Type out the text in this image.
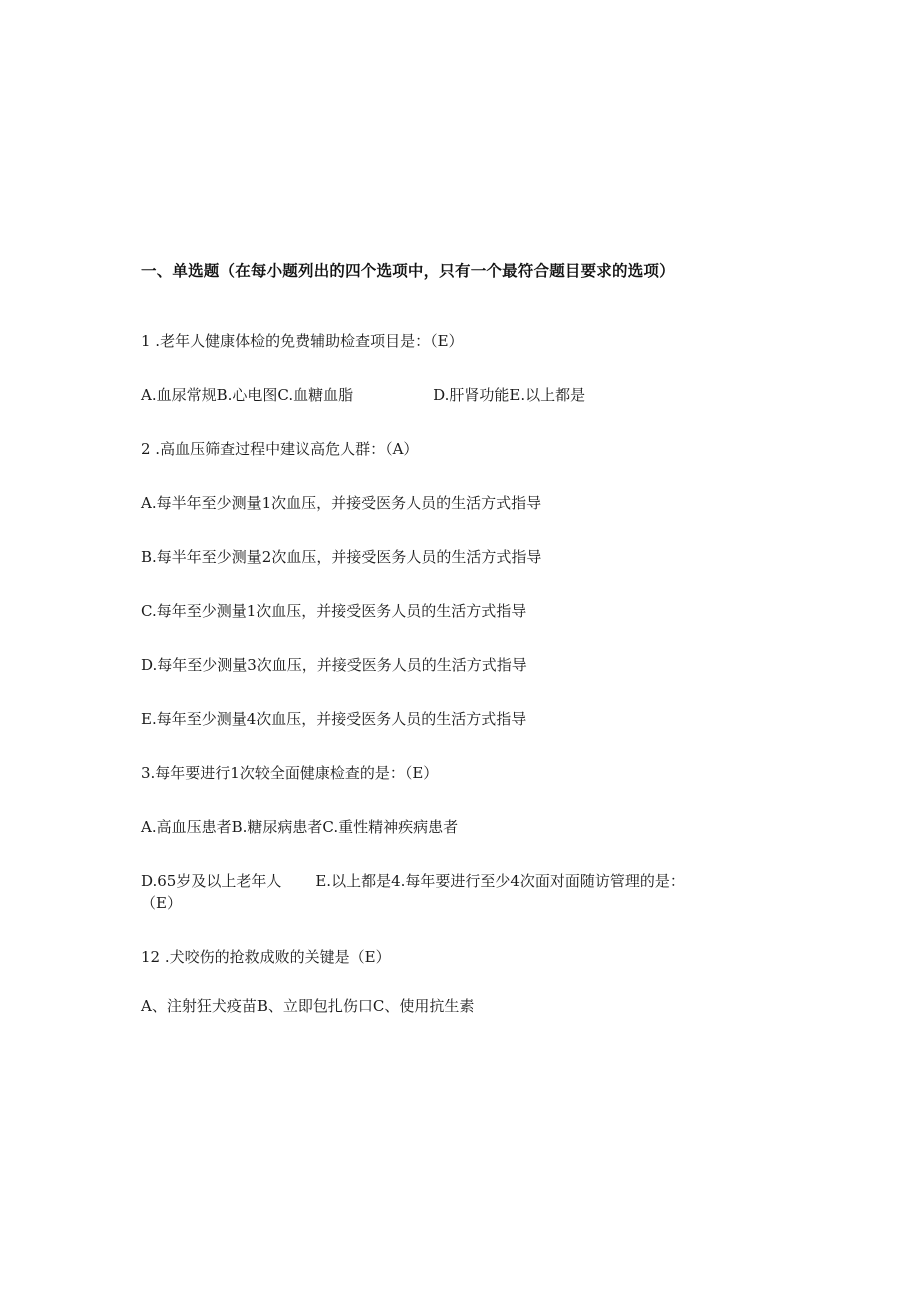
一、单选题（在每小题列出的四个选项中，只有一个最符合题目要求的选项）
1 .老年人健康体检的免费辅助检查项目是：（E）
A.血尿常规B.心电图C.血糖血脂	D.肝肾功能E.以上都是
2 .高血压筛查过程中建议高危人群：（A）
A.每半年至少测量1次血压，并接受医务人员的生活方式指导
B.每半年至少测量2次血压，并接受医务人员的生活方式指导
C.每年至少测量1次血压，并接受医务人员的生活方式指导
D.每年至少测量3次血压，并接受医务人员的生活方式指导
E.每年至少测量4次血压，并接受医务人员的生活方式指导
3.每年要进行1次较全面健康检查的是：（E）
A.高血压患者B.糖尿病患者C.重性精神疾病患者
D.65岁及以上老年人 E.以上都是4.每年要进行至少4次面对面随访管理的是：（E）
12 .犬咬伤的抢救成败的关键是（E）
A、注射狂犬疫苗B、立即包扎伤口C、使用抗生素
